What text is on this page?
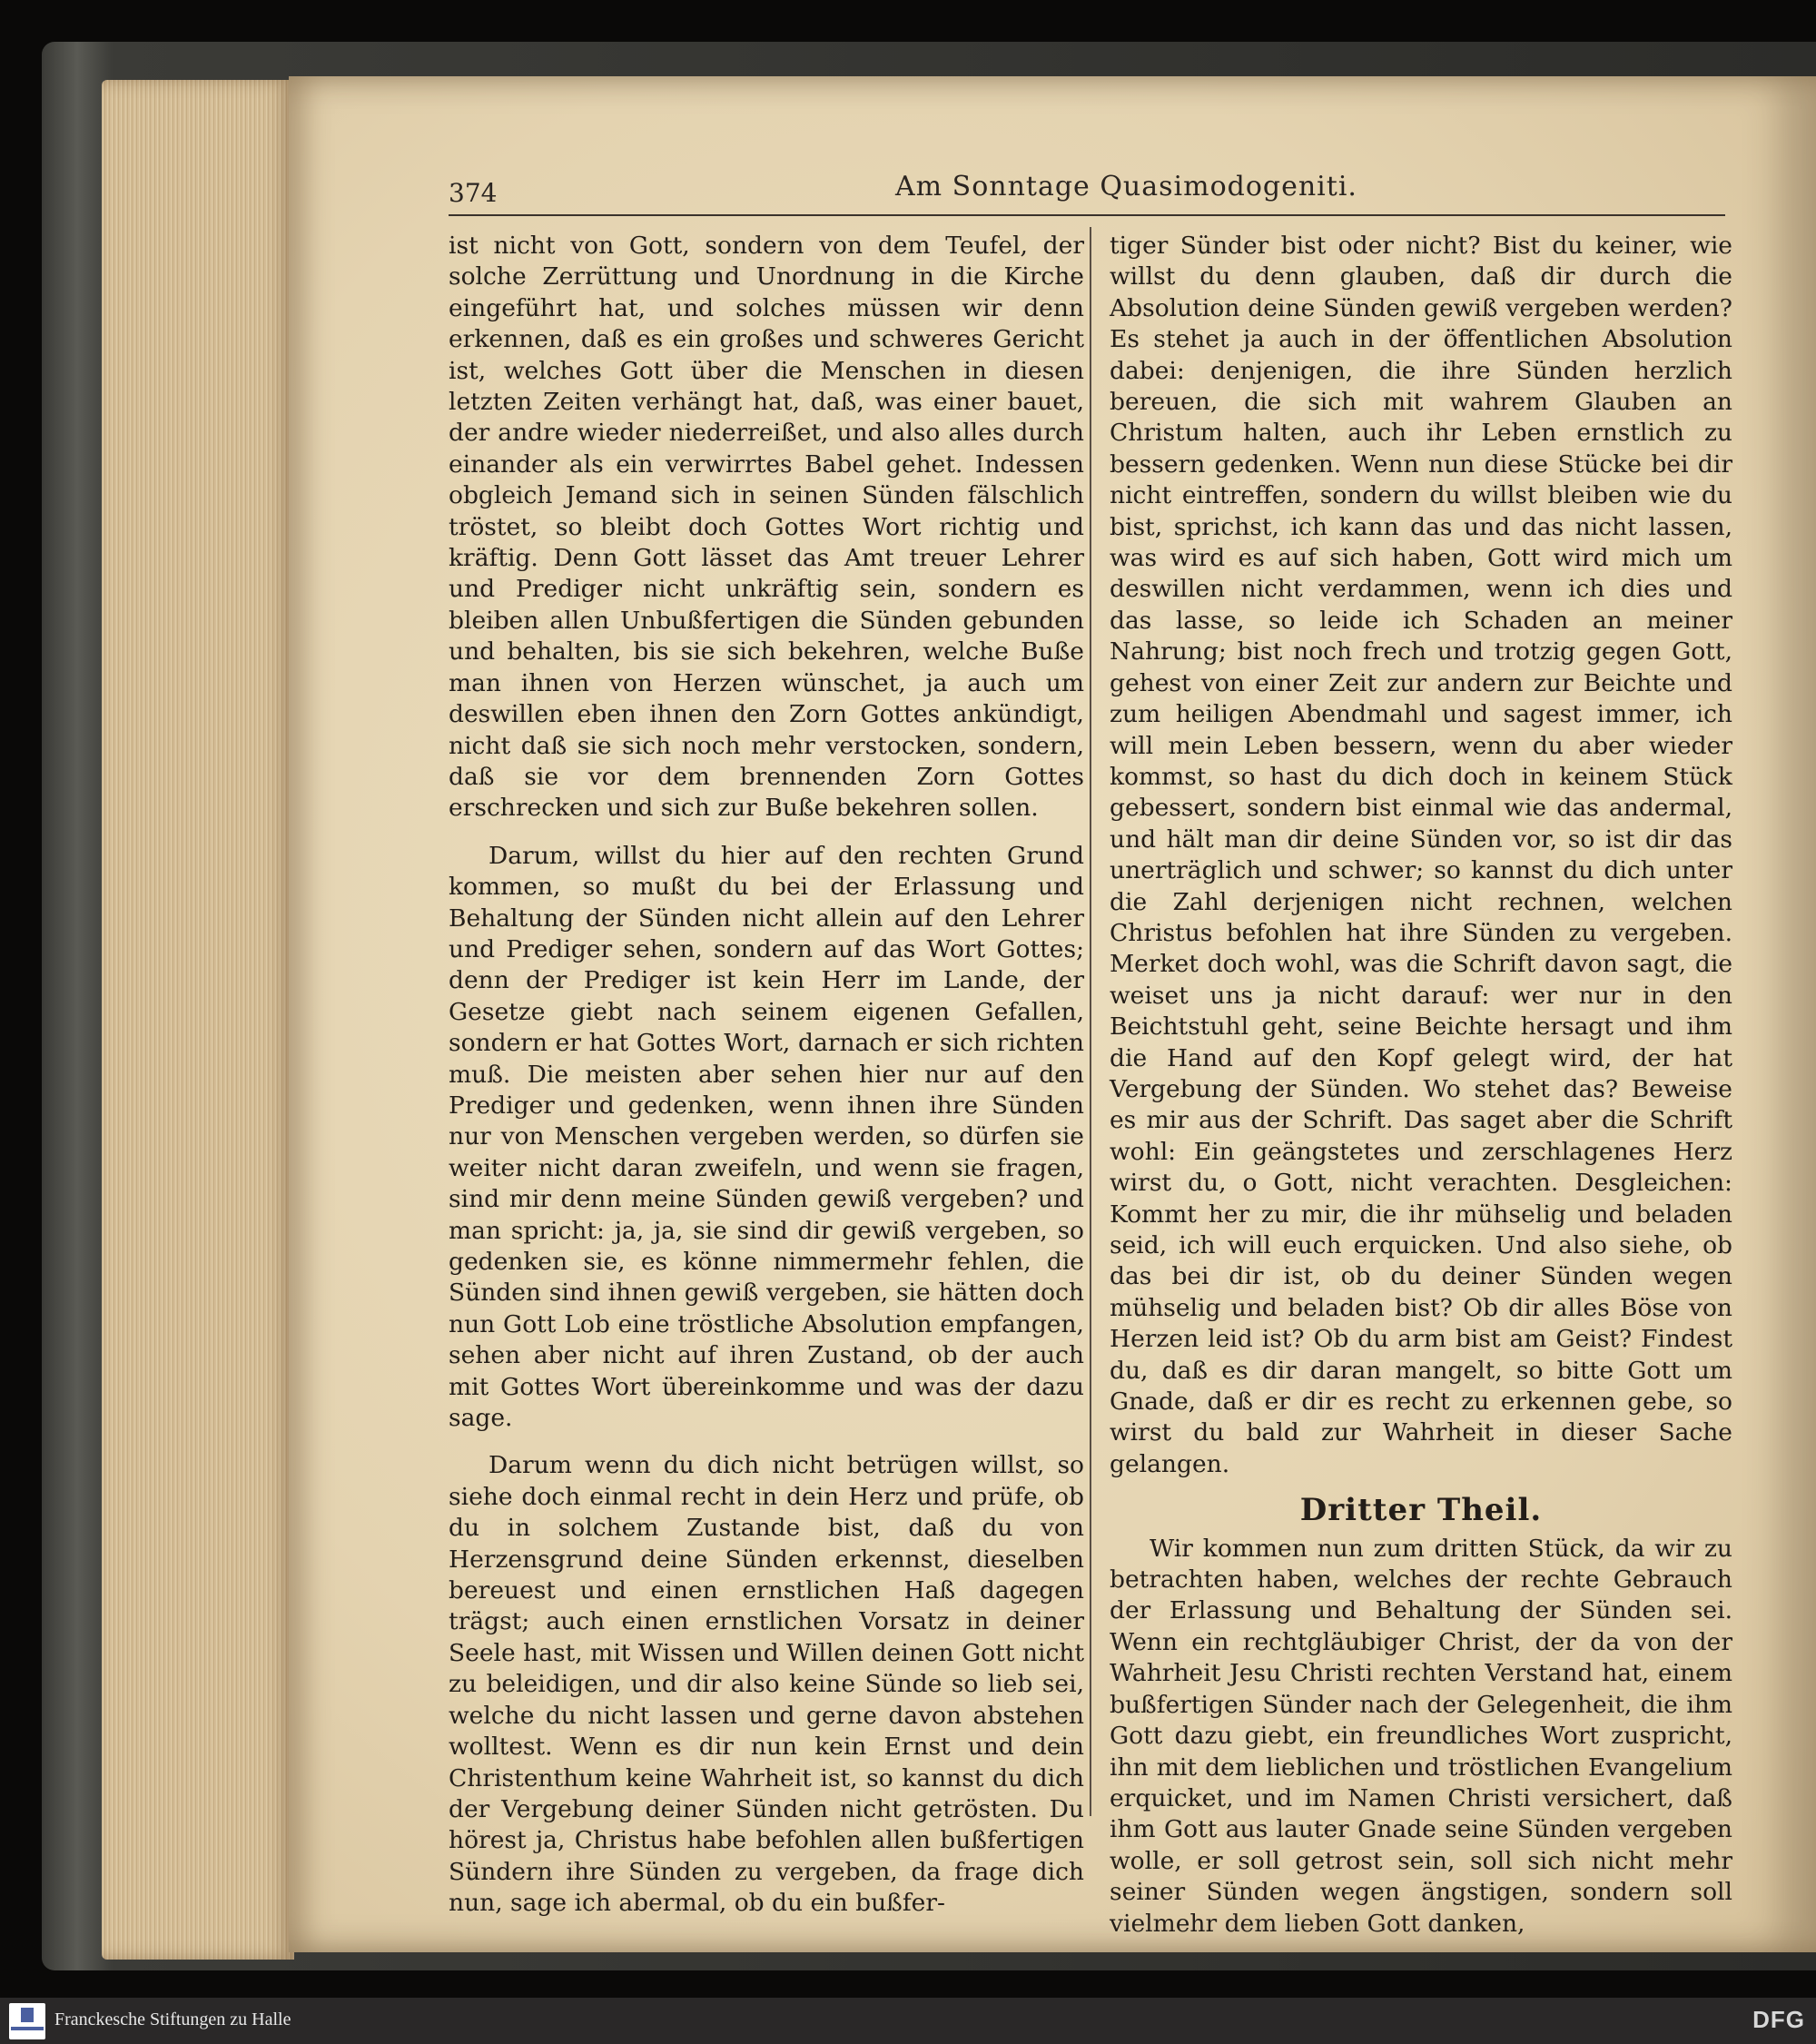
374	Am Sonntage Quasimodogeniti.

ist nicht von Gott, sondern von dem Teufel, der solche Zerrüttung und Unordnung in die Kirche eingeführt hat, und solches müssen wir denn erkennen, daß es ein großes und schweres Gericht ist, welches Gott über die Menschen in diesen letzten Zeiten verhängt hat, daß, was einer bauet, der andre wieder niederreißet, und also alles durch einander als ein verwirrtes Babel gehet. Indessen obgleich Jemand sich in seinen Sünden fälschlich tröstet, so bleibt doch Gottes Wort richtig und kräftig. Denn Gott lässet das Amt treuer Lehrer und Prediger nicht unkräftig sein, sondern es bleiben allen Unbußfertigen die Sünden gebunden und behalten, bis sie sich bekehren, welche Buße man ihnen von Herzen wünschet, ja auch um deswillen eben ihnen den Zorn Gottes ankündigt, nicht daß sie sich noch mehr verstocken, sondern, daß sie vor dem brennenden Zorn Gottes erschrecken und sich zur Buße bekehren sollen.

Darum, willst du hier auf den rechten Grund kommen, so mußt du bei der Erlassung und Behaltung der Sünden nicht allein auf den Lehrer und Prediger sehen, sondern auf das Wort Gottes; denn der Prediger ist kein Herr im Lande, der Gesetze giebt nach seinem eigenen Gefallen, sondern er hat Gottes Wort, darnach er sich richten muß. Die meisten aber sehen hier nur auf den Prediger und gedenken, wenn ihnen ihre Sünden nur von Menschen vergeben werden, so dürfen sie weiter nicht daran zweifeln, und wenn sie fragen, sind mir denn meine Sünden gewiß vergeben? und man spricht: ja, ja, sie sind dir gewiß vergeben, so gedenken sie, es könne nimmermehr fehlen, die Sünden sind ihnen gewiß vergeben, sie hätten doch nun Gott Lob eine tröstliche Absolution empfangen, sehen aber nicht auf ihren Zustand, ob der auch mit Gottes Wort übereinkomme und was der dazu sage.

Darum wenn du dich nicht betrügen willst, so siehe doch einmal recht in dein Herz und prüfe, ob du in solchem Zustande bist, daß du von Herzensgrund deine Sünden erkennst, dieselben bereuest und einen ernstlichen Haß dagegen trägst; auch einen ernstlichen Vorsatz in deiner Seele hast, mit Wissen und Willen deinen Gott nicht zu beleidigen, und dir also keine Sünde so lieb sei, welche du nicht lassen und gerne davon abstehen wolltest. Wenn es dir nun kein Ernst und dein Christenthum keine Wahrheit ist, so kannst du dich der Vergebung deiner Sünden nicht getrösten. Du hörest ja, Christus habe befohlen allen bußfertigen Sündern ihre Sünden zu vergeben, da frage dich nun, sage ich abermal, ob du ein bußfer-

tiger Sünder bist oder nicht? Bist du keiner, wie willst du denn glauben, daß dir durch die Absolution deine Sünden gewiß vergeben werden? Es stehet ja auch in der öffentlichen Absolution dabei: denjenigen, die ihre Sünden herzlich bereuen, die sich mit wahrem Glauben an Christum halten, auch ihr Leben ernstlich zu bessern gedenken. Wenn nun diese Stücke bei dir nicht eintreffen, sondern du willst bleiben wie du bist, sprichst, ich kann das und das nicht lassen, was wird es auf sich haben, Gott wird mich um deswillen nicht verdammen, wenn ich dies und das lasse, so leide ich Schaden an meiner Nahrung; bist noch frech und trotzig gegen Gott, gehest von einer Zeit zur andern zur Beichte und zum heiligen Abendmahl und sagest immer, ich will mein Leben bessern, wenn du aber wieder kommst, so hast du dich doch in keinem Stück gebessert, sondern bist einmal wie das andermal, und hält man dir deine Sünden vor, so ist dir das unerträglich und schwer; so kannst du dich unter die Zahl derjenigen nicht rechnen, welchen Christus befohlen hat ihre Sünden zu vergeben. Merket doch wohl, was die Schrift davon sagt, die weiset uns ja nicht darauf: wer nur in den Beichtstuhl geht, seine Beichte hersagt und ihm die Hand auf den Kopf gelegt wird, der hat Vergebung der Sünden. Wo stehet das? Beweise es mir aus der Schrift. Das saget aber die Schrift wohl: Ein geängstetes und zerschlagenes Herz wirst du, o Gott, nicht verachten. Desgleichen: Kommt her zu mir, die ihr mühselig und beladen seid, ich will euch erquicken. Und also siehe, ob das bei dir ist, ob du deiner Sünden wegen mühselig und beladen bist? Ob dir alles Böse von Herzen leid ist? Ob du arm bist am Geist? Findest du, daß es dir daran mangelt, so bitte Gott um Gnade, daß er dir es recht zu erkennen gebe, so wirst du bald zur Wahrheit in dieser Sache gelangen.

Dritter Theil.

Wir kommen nun zum dritten Stück, da wir zu betrachten haben, welches der rechte Gebrauch der Erlassung und Behaltung der Sünden sei. Wenn ein rechtgläubiger Christ, der da von der Wahrheit Jesu Christi rechten Verstand hat, einem bußfertigen Sünder nach der Gelegenheit, die ihm Gott dazu giebt, ein freundliches Wort zuspricht, ihn mit dem lieblichen und tröstlichen Evangelium erquicket, und im Namen Christi versichert, daß ihm Gott aus lauter Gnade seine Sünden vergeben wolle, er soll getrost sein, soll sich nicht mehr seiner Sünden wegen ängstigen, sondern soll vielmehr dem lieben Gott danken,

Franckesche Stiftungen zu Halle	DFG
